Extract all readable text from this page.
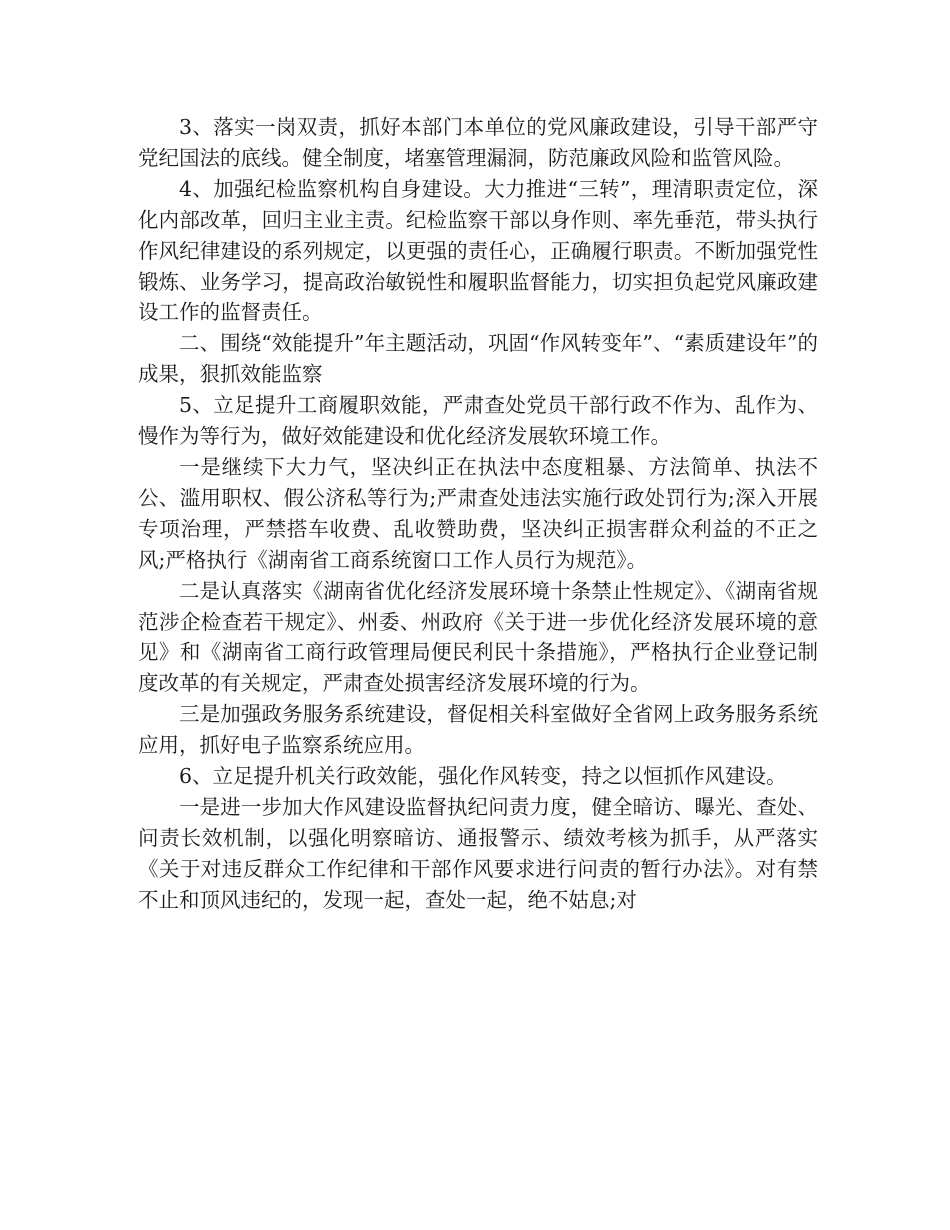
3、落实一岗双责，抓好本部门本单位的党风廉政建设，引导干部严守党纪国法的底线。健全制度，堵塞管理漏洞，防范廉政风险和监管风险。

4、加强纪检监察机构自身建设。大力推进“三转”，理清职责定位，深化内部改革，回归主业主责。纪检监察干部以身作则、率先垂范，带头执行作风纪律建设的系列规定，以更强的责任心，正确履行职责。不断加强党性锻炼、业务学习，提高政治敏锐性和履职监督能力，切实担负起党风廉政建设工作的监督责任。

二、围绕“效能提升”年主题活动，巩固“作风转变年”、“素质建设年”的成果，狠抓效能监察

5、立足提升工商履职效能，严肃查处党员干部行政不作为、乱作为、慢作为等行为，做好效能建设和优化经济发展软环境工作。

一是继续下大力气，坚决纠正在执法中态度粗暴、方法简单、执法不公、滥用职权、假公济私等行为;严肃查处违法实施行政处罚行为;深入开展专项治理，严禁搭车收费、乱收赞助费，坚决纠正损害群众利益的不正之风;严格执行《湖南省工商系统窗口工作人员行为规范》。

二是认真落实《湖南省优化经济发展环境十条禁止性规定》、《湖南省规范涉企检查若干规定》、州委、州政府《关于进一步优化经济发展环境的意见》和《湖南省工商行政管理局便民利民十条措施》，严格执行企业登记制度改革的有关规定，严肃查处损害经济发展环境的行为。

三是加强政务服务系统建设，督促相关科室做好全省网上政务服务系统应用，抓好电子监察系统应用。

6、立足提升机关行政效能，强化作风转变，持之以恒抓作风建设。

一是进一步加大作风建设监督执纪问责力度，健全暗访、曝光、查处、问责长效机制，以强化明察暗访、通报警示、绩效考核为抓手，从严落实《关于对违反群众工作纪律和干部作风要求进行问责的暂行办法》。对有禁不止和顶风违纪的，发现一起，查处一起，绝不姑息;对
